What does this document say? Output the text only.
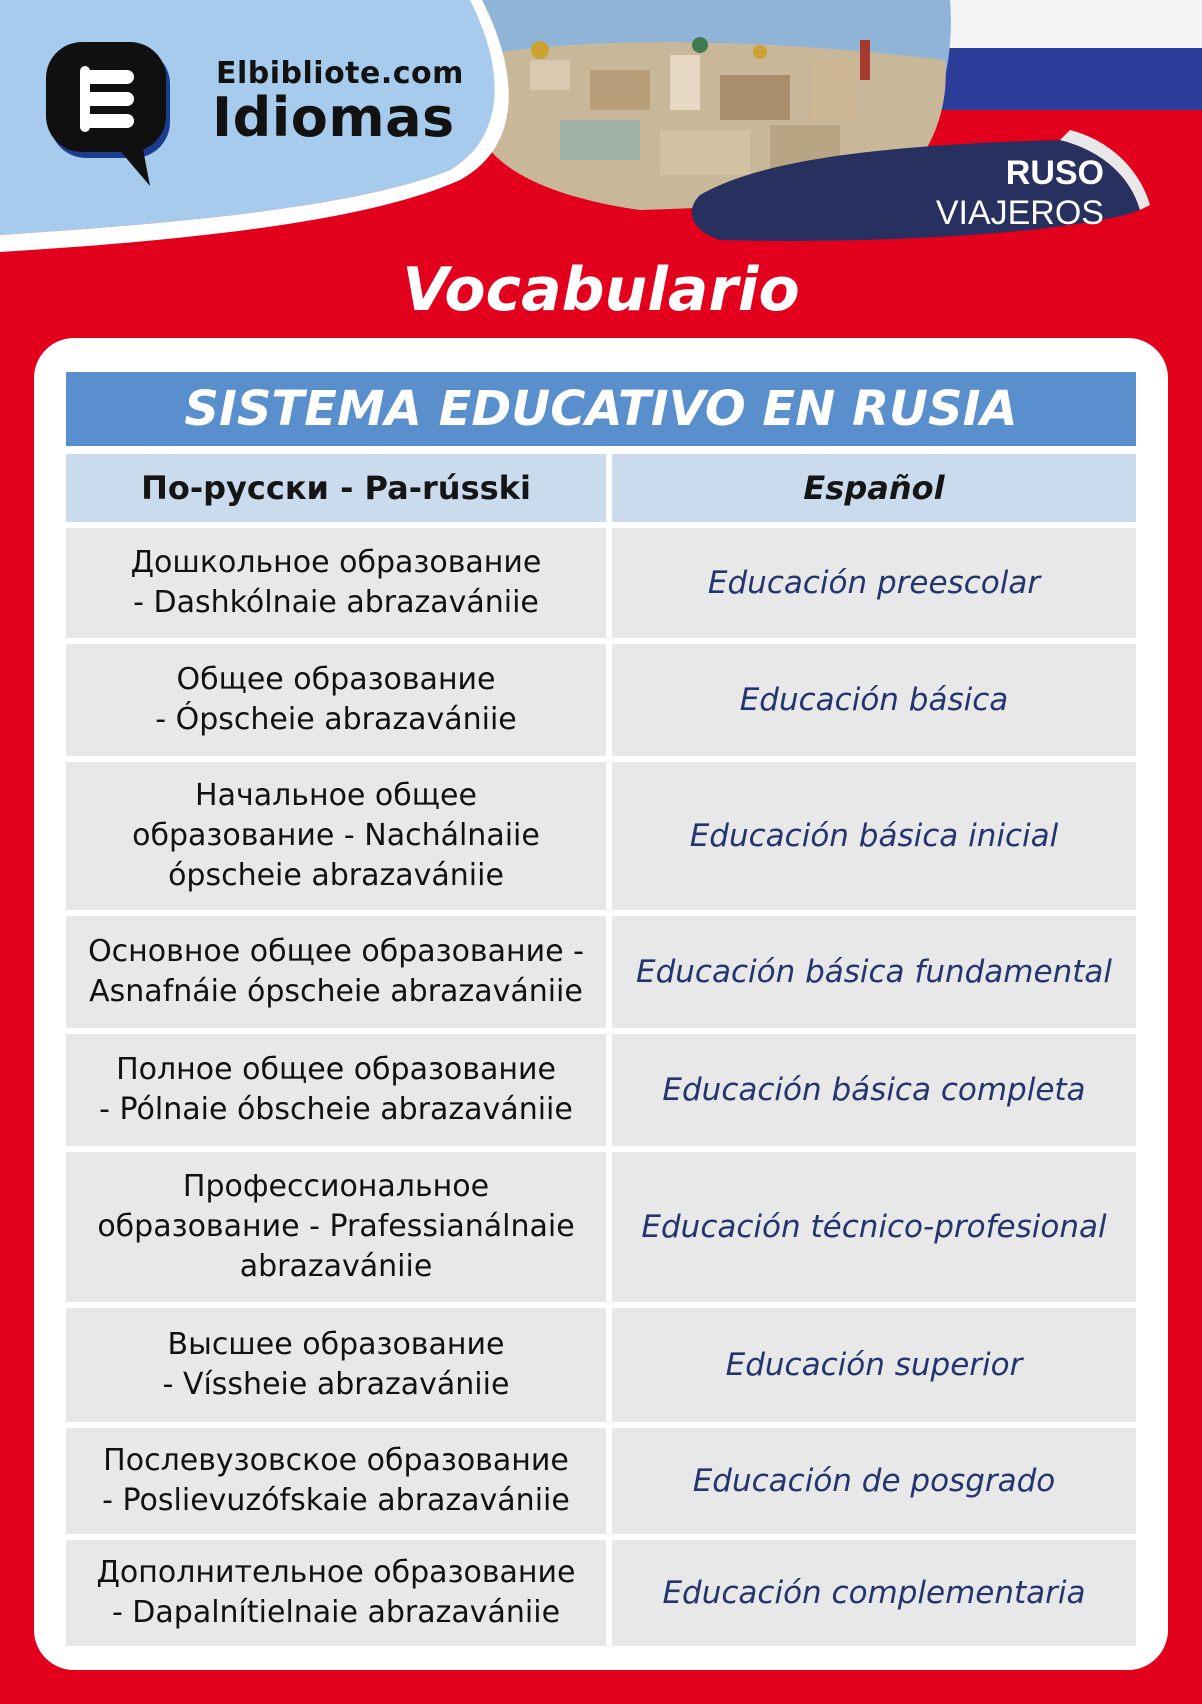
Elbibliote.com
Idiomas
RUSO
VIAJEROS
Vocabulario
SISTEMA EDUCATIVO EN RUSIA
По-русски - Pa-rússki	Español
Дошкольное образование
- Dashkólnaie abrazavániie	Educación preescolar
Общее образование
- Ópscheie abrazavániie	Educación básica
Начальное общее
образование - Nachálnaiie
ópscheie abrazavániie	Educación básica inicial
Основное общее образование -
Asnafnáie ópscheie abrazavániie	Educación básica fundamental
Полное общее образование
- Pólnaie óbscheie abrazavániie	Educación básica completa
Профессиональное
образование - Prafessianálnaie
abrazavániie	Educación técnico-profesional
Высшее образование
- Víssheie abrazavániie	Educación superior
Послевузовское образование
- Poslievuzófskaie abrazavániie	Educación de posgrado
Дополнительное образование
- Dapalnítielnaie abrazavániie	Educación complementaria
